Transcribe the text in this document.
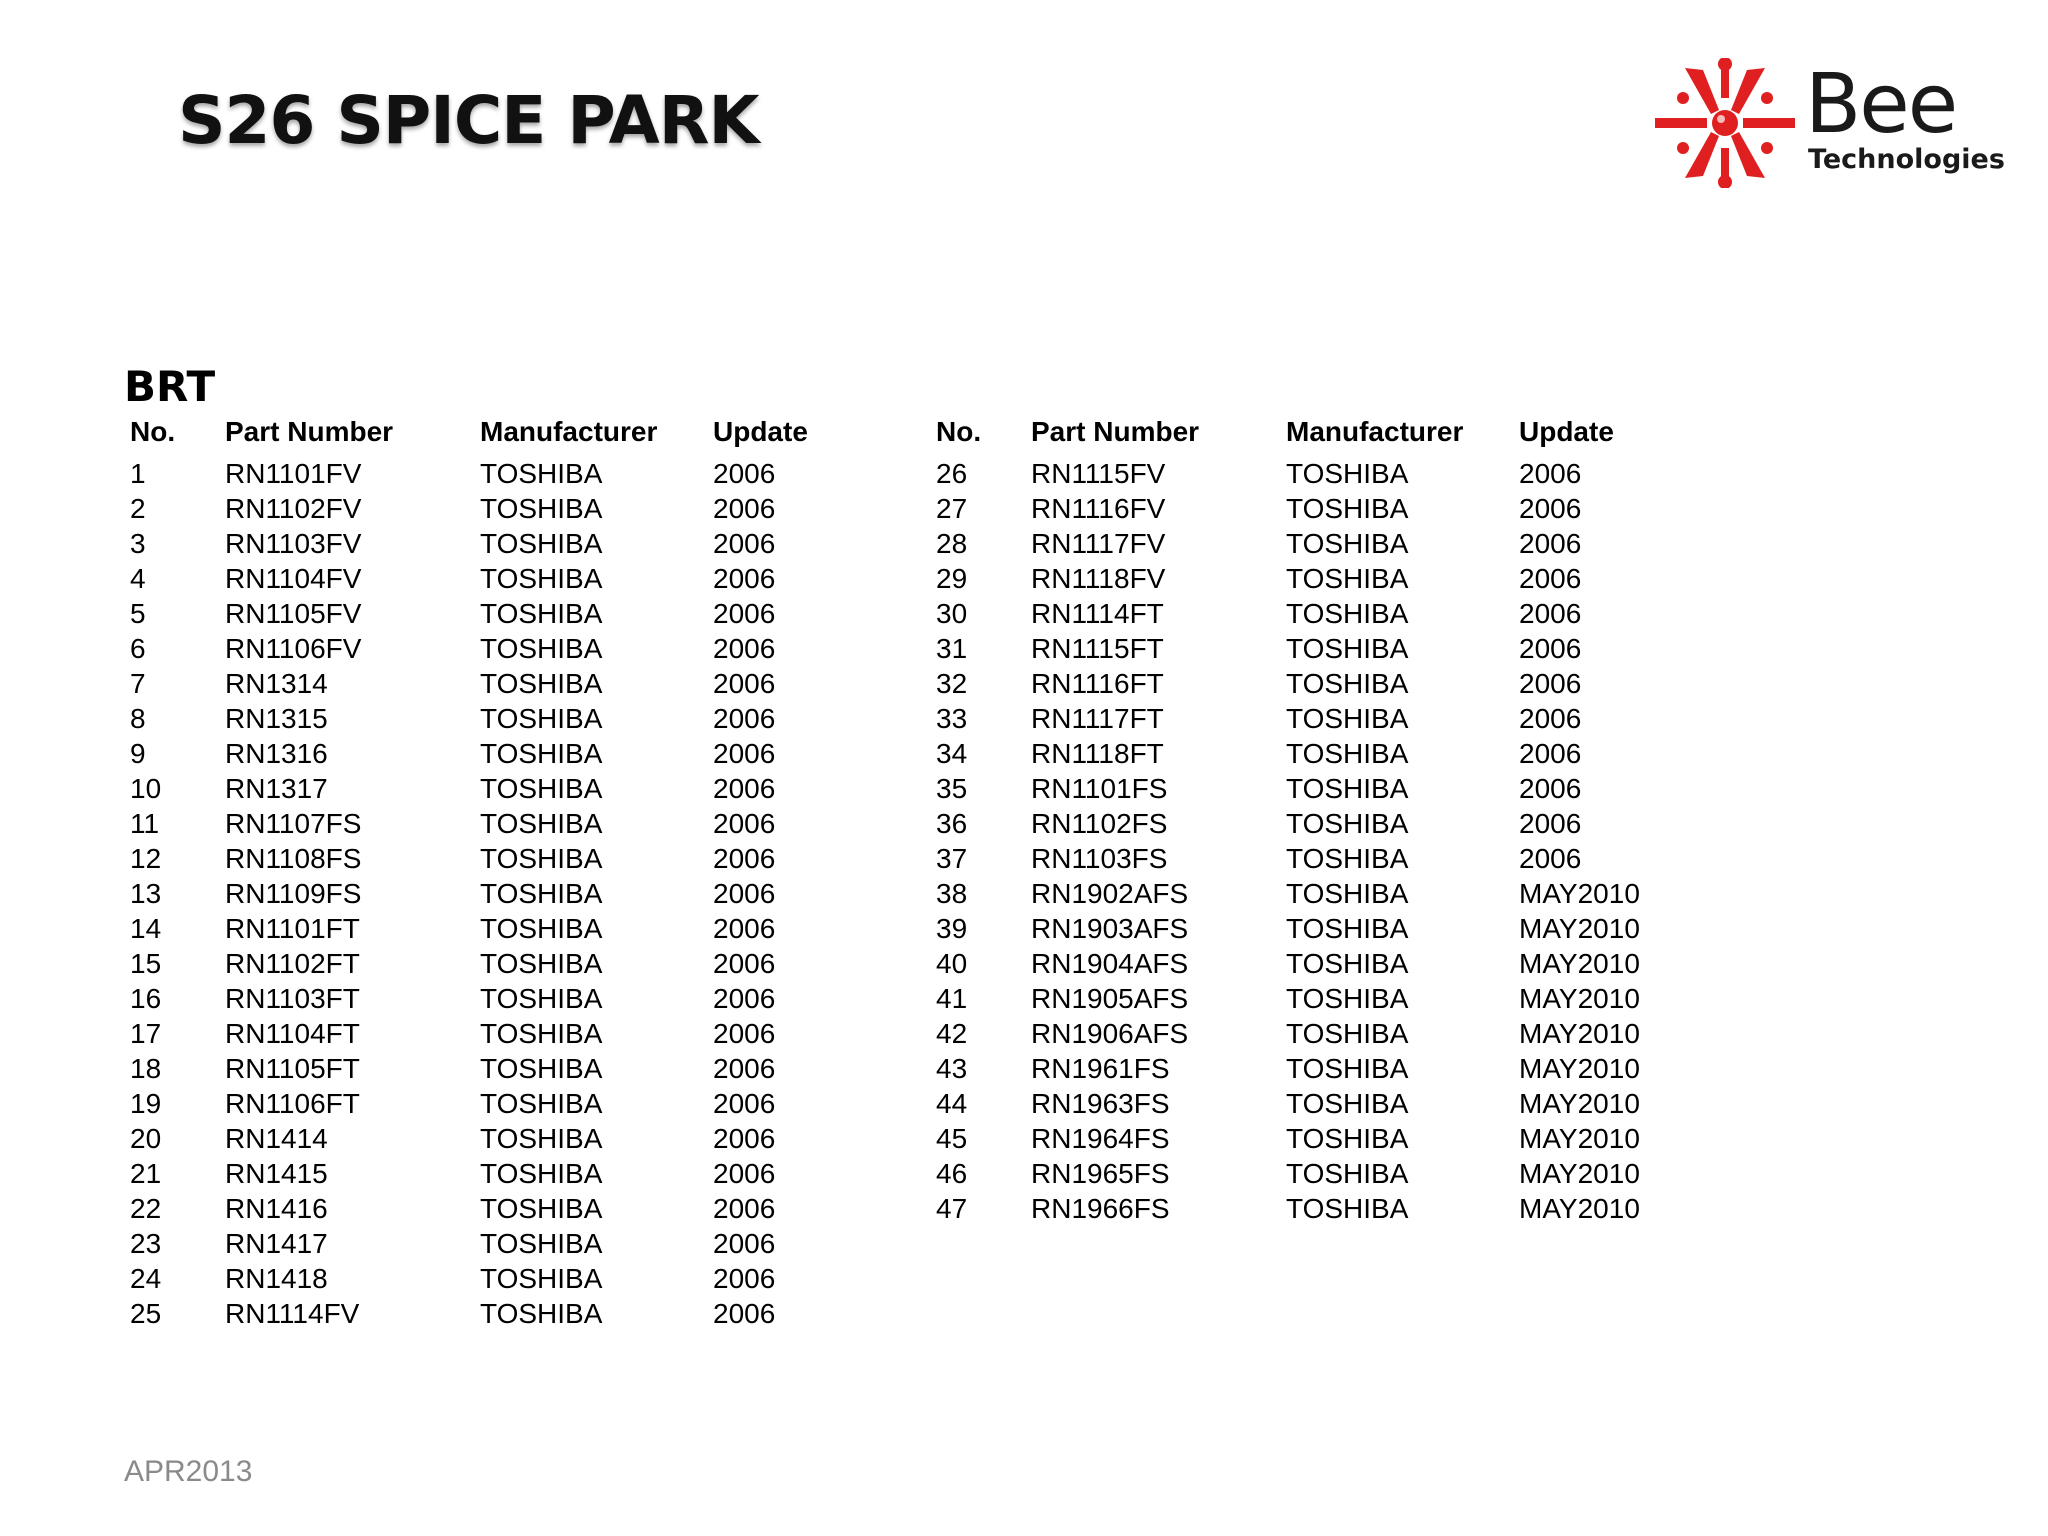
S26 SPICE PARK	Bee
Technologies
BRT
No. Part Number	Manufacturer Update
1	RN1101FV	TOSHIBA	2006
2	RN1102FV	TOSHIBA	2006
3	RN1103FV	TOSHIBA	2006
4	RN1104FV	TOSHIBA	2006
5	RN1105FV	TOSHIBA	2006
6	RN1106FV	TOSHIBA	2006
7	RN1314	TOSHIBA	2006
8	RN1315	TOSHIBA	2006
9	RN1316	TOSHIBA	2006
10 RN1317	TOSHIBA	2006
11 RN1107FS	TOSHIBA	2006
12 RN1108FS	TOSHIBA	2006
13 RN1109FS	TOSHIBA	2006
14 RN1101FT	TOSHIBA	2006
15 RN1102FT	TOSHIBA	2006
16 RN1103FT	TOSHIBA	2006
17 RN1104FT	TOSHIBA	2006
18 RN1105FT	TOSHIBA	2006
19 RN1106FT	TOSHIBA	2006
20 RN1414	TOSHIBA	2006
21 RN1415	TOSHIBA	2006
22 RN1416	TOSHIBA	2006
23 RN1417	TOSHIBA	2006
24 RN1418	TOSHIBA	2006
25 RN1114FV	TOSHIBA	2006
No. Part Number	Manufacturer Update
26 RN1115FV	TOSHIBA	2006
27 RN1116FV	TOSHIBA	2006
28 RN1117FV	TOSHIBA	2006
29 RN1118FV	TOSHIBA	2006
30 RN1114FT	TOSHIBA	2006
31 RN1115FT	TOSHIBA	2006
32 RN1116FT	TOSHIBA	2006
33 RN1117FT	TOSHIBA	2006
34 RN1118FT	TOSHIBA	2006
35 RN1101FS	TOSHIBA	2006
36 RN1102FS	TOSHIBA	2006
37 RN1103FS	TOSHIBA	2006
38 RN1902AFS	TOSHIBA	MAY2010
39 RN1903AFS	TOSHIBA	MAY2010
40 RN1904AFS	TOSHIBA	MAY2010
41 RN1905AFS	TOSHIBA	MAY2010
42 RN1906AFS	TOSHIBA	MAY2010
43 RN1961FS	TOSHIBA	MAY2010
44 RN1963FS	TOSHIBA	MAY2010
45 RN1964FS	TOSHIBA	MAY2010
46 RN1965FS	TOSHIBA	MAY2010
47 RN1966FS	TOSHIBA	MAY2010
APR2013
